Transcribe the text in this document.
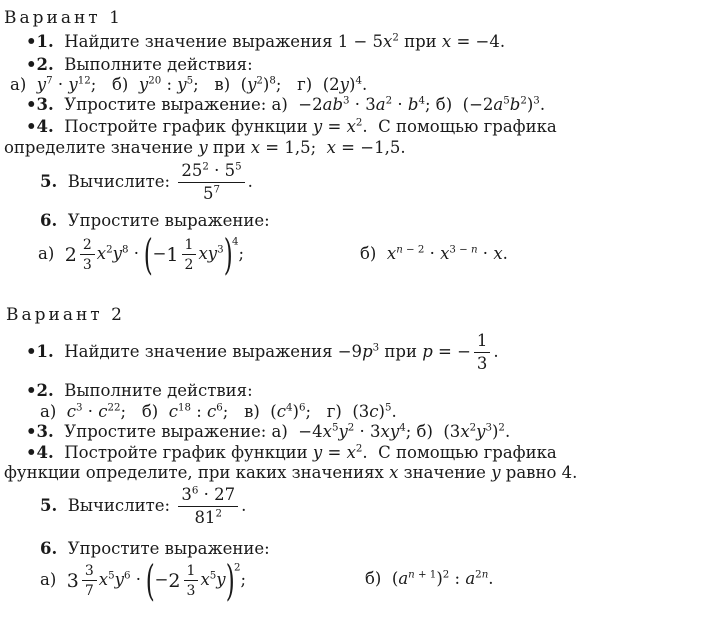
Вариант 1
•1. Найдите значение выражения $1 - 5x^2$ при x = −4.
•2. Выполните действия:
а)  $y^7 \cdot y^{12}$;   б)  $y^{20}$ : $y^5$;   в)  $(y^2)^8$;   г)  $(2y)^4$.
•3. Упростите выражение: $а) -2ab^3 \cdot 3a^2 \cdot b^4$; б)  $(-2a^5b^2)^3$.
•4. Постройте график функции $y = x^2$.  С помощью графика
определите значение y при x = 1,5;  x = −1,5.
5. Вычислите: $\frac{25^2 \cdot 5^5}{5^7}$ .
6. Упростите выражение:
а) $2 \frac{2}{3} x^2y^8$ · (− $1 \frac{1}{2} xy^3)^4$;	б)  $x^{n - 2} \cdot x^{3 - n} \cdot x$.
Вариант 2
•1. Найдите значение выражения $-9p^3$ при p = − $\frac{1}{3}$ .
•2. Выполните действия:
а)  $c^3 \cdot c^{22}$;   б)  $c^{18}$ : $c^6$;   в)  $(c^4)^6$;   г)  $(3c)^5$.
•3. Упростите выражение: $а) -4x^5y^2 \cdot 3xy^4$; б)  $(3x^2y^3)^2$.
•4. Постройте график функции $y = x^2$.  С помощью графика
функции определите, при каких значениях x значение y равно 4.
5. Вычислите: $\frac{3^6 \cdot 27}{81^2}$ .
6. Упростите выражение:
а) $3 \frac{3}{7} x^5y^6$ · (− $2 \frac{1}{3} x^5y)^2$;	б)  $(a^{n + 1})^2$ : $a^{2n}$.
